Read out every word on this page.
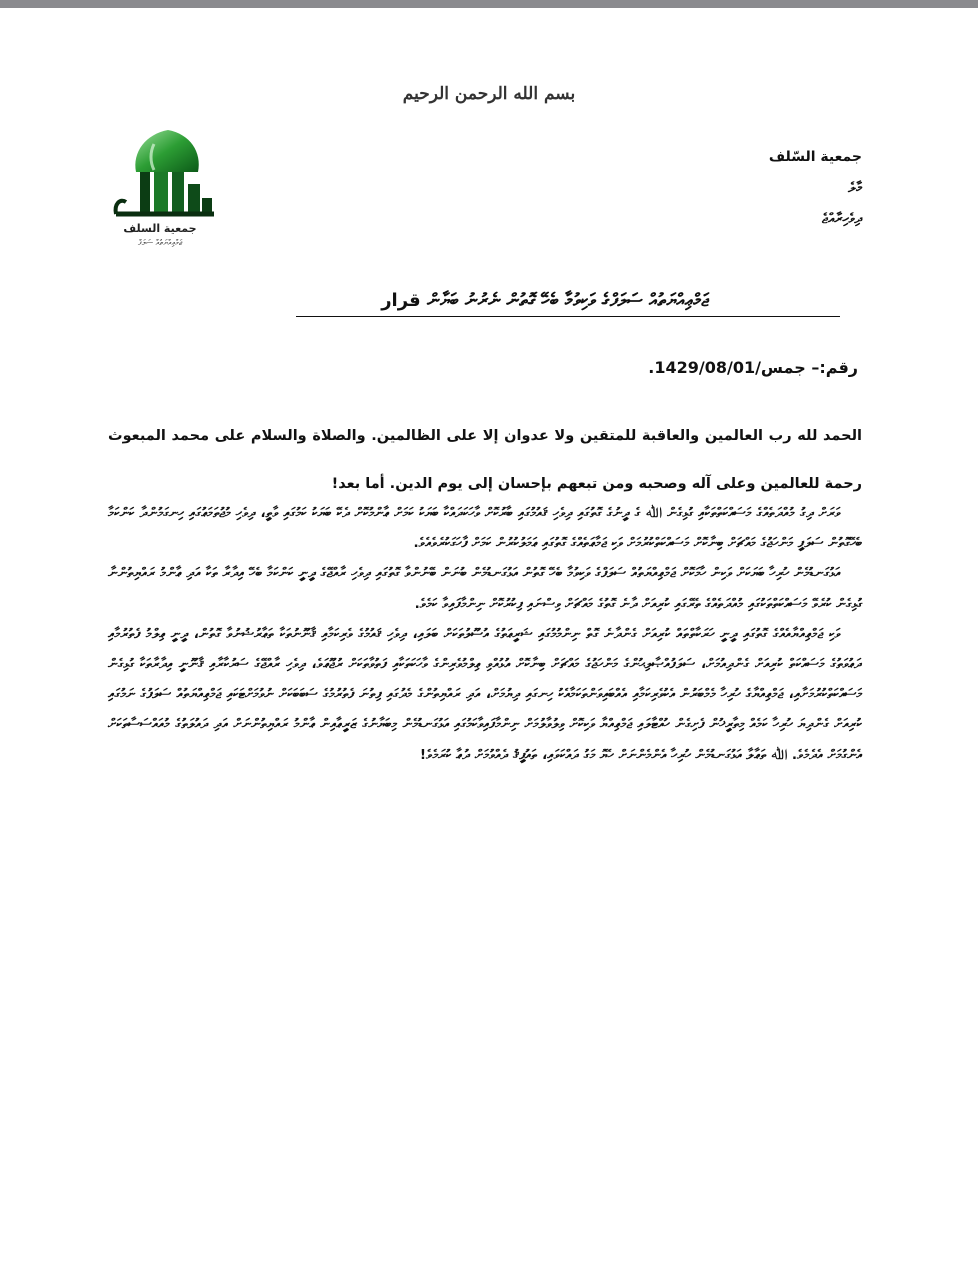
بسم الله الرحمن الرحيم
جمعية السلف
ޖަމްޢިއްޔަތުއް ސަލަފް
جمعية السّلف
މާލެ
ދިވެހިރާއްޖެ
ޖަމްޢިއްޔަތުއް ސަލަފްގެ ވަކިވުމާ ބެހޭ ގޮތުން ނެރުނު ބަޔާން قرار
رقم:– جمس/1429/08/01.
الحمد لله رب العالمين والعاقبة للمتقين ولا عدوان إلا على الظالمين. والصلاة والسلام على محمد المبعوث رحمة للعالمين وعلى آله وصحبه ومن تبعهم بإحسان إلى يوم الدين. أما بعد!

ވަރަށް ދިގު މުއްދަތެއްގެ މަސައްކަތްތަކާއި ގުޅިގެން ﷲ ގެ ދީނުގެ ގޮތުގައި ދިވެހި ޤައުމުގައި ބާރުކޮށް ވާހަކަދައްކާ ބަޔަކު ކަމަށް ޢާންމުކޮށް ދެކޭ ބަޔަކު ކަމުގައި ވާތީ، ދިވެހި މުޖުތަމަޢުގައި ހިނގަމުންދާ ކަންކަމާ ބެހޭގޮތުން ސަލަފީ މަންހަޖުގެ މައްޗަށް ބިނާކޮށް މަސައްކަތްކުރުމަށް ވަކި ޖަމާޢަތެއްގެ ގޮތުގައި ޢަމަލުކުރުން ކަމަށް ފާހަގަކުރެވެއެވެ.

އަޅުގަނޑުމެން ހުރިހާ ބަޔަކަށް ވަކިން ހާމަކޮށް ޖަމްޢިއްޔަތުއް ސަލަފްގެ ވަކިވުމާ ބެހޭ ގޮތުން އަޅުގަނޑުމެން ބުނަން ބޭނުންވާ ގޮތުގައި ދިވެހި ރާއްޖޭގެ ދީނީ ކަންކަމާ ބެހޭ އިދާރާ ތަކާ އަދި ޢާންމު ރައްޔިތުންނާ ގުޅިގެން ކުރެވޭ މަސައްކަތްތަކުގައި މުއްދަތެއްގެ ތެރޭގައި ކުރިއަށް ދާނެ ގޮތުގެ މައްޗަށް ވިސްނައި ފިކުރުކޮށް ނިންމާފައިވާ ކަމެވެ.

ވަކި ޖަމްޢިއްޔާއެއްގެ ގޮތުގައި ދީނީ ހަރަކާތްތައް ކުރިއަށް ގެންދާނެ ގޮތް ނިންމުމުގައި ޝަރީޢަތުގެ އުސޫލުތަކަށް ބަލައި، ދިވެހި ޤައުމުގެ ވެރިކަމާއި ޤާނޫނުތަކާ ތަޢާރުޟުނުވާ ގޮތުން، ދީނީ ޢިލްމު ފެތުރުމާއި ދަޢުވަތުގެ މަސައްކަތް ކުރިއަށް ގެންދިއުމަށް، ސަލަފުއްޞާލިޙުންގެ މަންހަޖުގެ މައްޗަށް ބިނާކޮށް އުޅުއްވި ޢިލްމުވެރިންގެ ވާހަކަތަކާއި ފަތުވާތަކަށް ރުޖޫޢަވެ، ދިވެހި ރާއްޖޭގެ ސަރުކާރާއި ޤާނޫނީ އިދާރާތަކާ ގުޅިގެން މަސައްކަތްކުރުމަށާއި، ޖަމްޢިއްޔާގެ ހުރިހާ މެމްބަރުން އެކުވެރިކަމާއި އެއްބައިވަންތަކަމާއެކު ހިނގައި ދިޔުމަށް، އަދި ރައްޔިތުންގެ މެދުގައި ފިތުނަ ފެތުރުމުގެ ސަބަބަކަށް ނުވުމަށްޓަކައި ޖަމްޢިއްޔަތުއް ސަލަފުގެ ނަމުގައި ކުރިއަށް ގެންދިޔަ ހުރިހާ ކަމެއް މިތާރީޚުން ފެށިގެން ހުއްޓާލައި ޖަމްޢިއްޔާ ވަކިކޮށް ވިލުވާލުމަށް ނިންމާފައިވާކަމުގައި އަޅުގަނޑުމެން މިބަޔާނުގެ ޒަރީޢާއިން ޢާންމު ރައްޔިތުންނަށް އަދި ދައުލަތުގެ މުއައްސަސާތަކަށް އެންގުމަށް އެދެމެވެ. ﷲ ތަޢާލާ އަޅުގަނޑުމެން ހުރިހާ އެންމެންނަށް ހެޔޮ މަގު ދައްކަވައި، ތައުފީޤު ދެއްވުމަށް ދުޢާ ކުރަމެވެ!
